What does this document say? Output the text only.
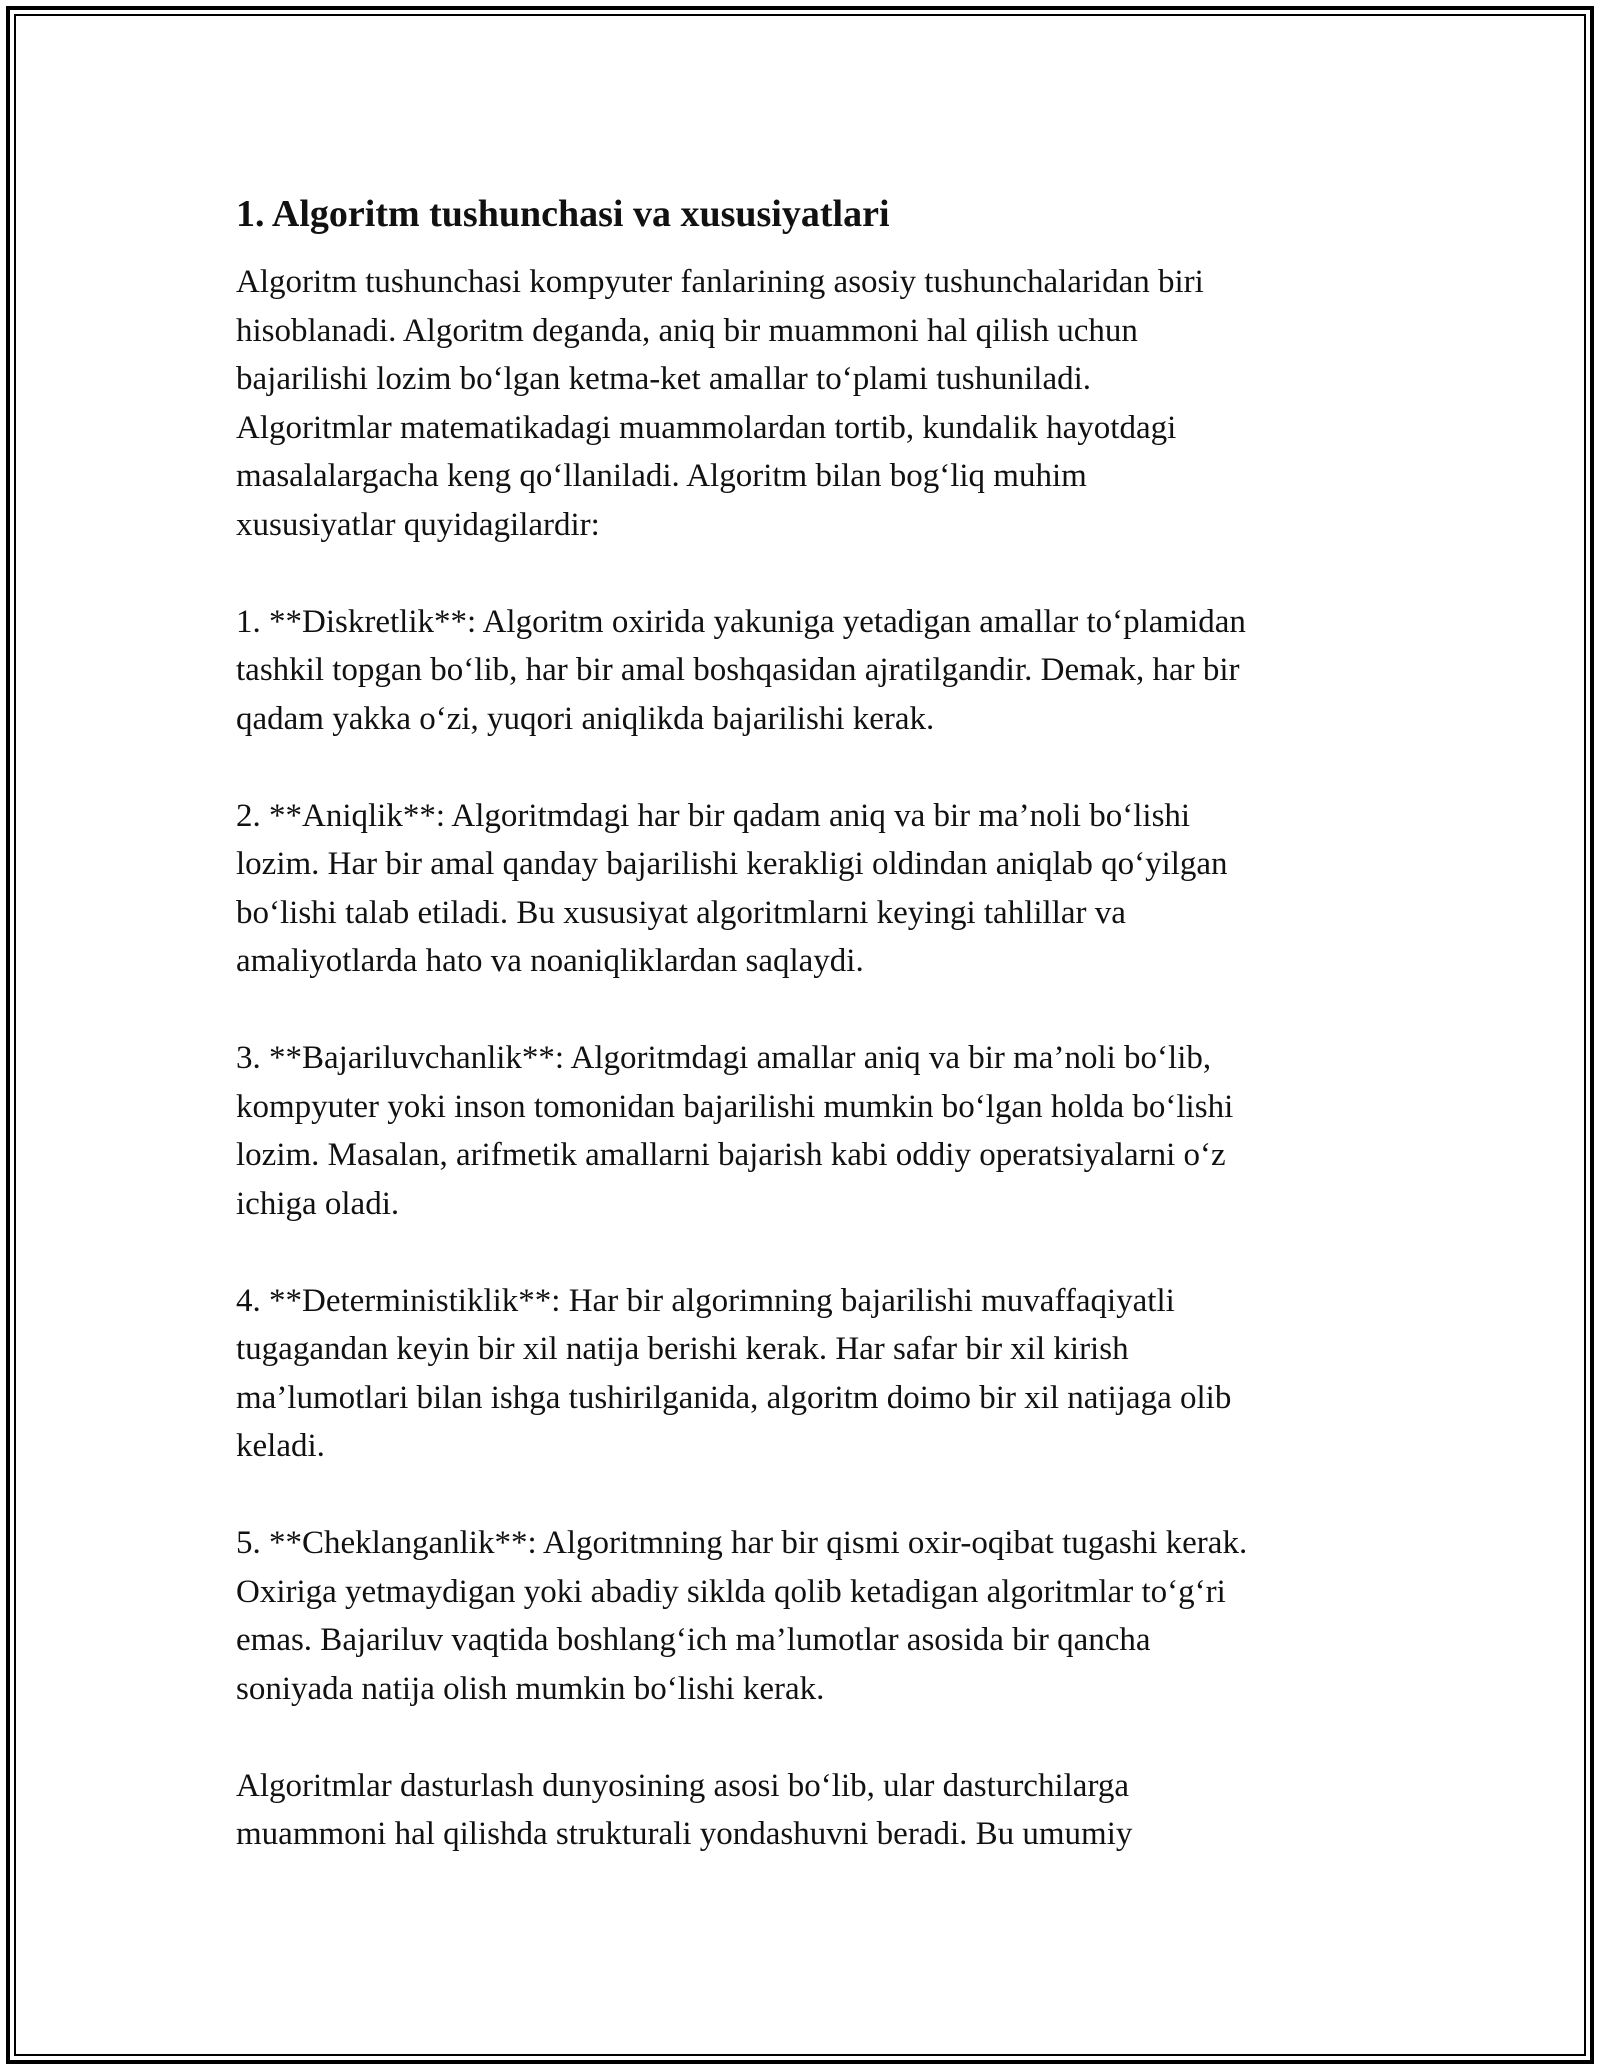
1. Algoritm tushunchasi va xususiyatlari

Algoritm tushunchasi kompyuter fanlarining asosiy tushunchalaridan biri
hisoblanadi. Algoritm deganda, aniq bir muammoni hal qilish uchun
bajarilishi lozim bo‘lgan ketma-ket amallar to‘plami tushuniladi.
Algoritmlar matematikadagi muammolardan tortib, kundalik hayotdagi
masalalargacha keng qo‘llaniladi. Algoritm bilan bog‘liq muhim
xususiyatlar quyidagilardir:

1. **Diskretlik**: Algoritm oxirida yakuniga yetadigan amallar to‘plamidan
tashkil topgan bo‘lib, har bir amal boshqasidan ajratilgandir. Demak, har bir
qadam yakka o‘zi, yuqori aniqlikda bajarilishi kerak.

2. **Aniqlik**: Algoritmdagi har bir qadam aniq va bir ma’noli bo‘lishi
lozim. Har bir amal qanday bajarilishi kerakligi oldindan aniqlab qo‘yilgan
bo‘lishi talab etiladi. Bu xususiyat algoritmlarni keyingi tahlillar va
amaliyotlarda hato va noaniqliklardan saqlaydi.

3. **Bajariluvchanlik**: Algoritmdagi amallar aniq va bir ma’noli bo‘lib,
kompyuter yoki inson tomonidan bajarilishi mumkin bo‘lgan holda bo‘lishi
lozim. Masalan, arifmetik amallarni bajarish kabi oddiy operatsiyalarni o‘z
ichiga oladi.

4. **Deterministiklik**: Har bir algorimning bajarilishi muvaffaqiyatli
tugagandan keyin bir xil natija berishi kerak. Har safar bir xil kirish
ma’lumotlari bilan ishga tushirilganida, algoritm doimo bir xil natijaga olib
keladi.

5. **Cheklanganlik**: Algoritmning har bir qismi oxir-oqibat tugashi kerak.
Oxiriga yetmaydigan yoki abadiy siklda qolib ketadigan algoritmlar to‘g‘ri
emas. Bajariluv vaqtida boshlang‘ich ma’lumotlar asosida bir qancha
soniyada natija olish mumkin bo‘lishi kerak.

Algoritmlar dasturlash dunyosining asosi bo‘lib, ular dasturchilarga
muammoni hal qilishda strukturali yondashuvni beradi. Bu umumiy
